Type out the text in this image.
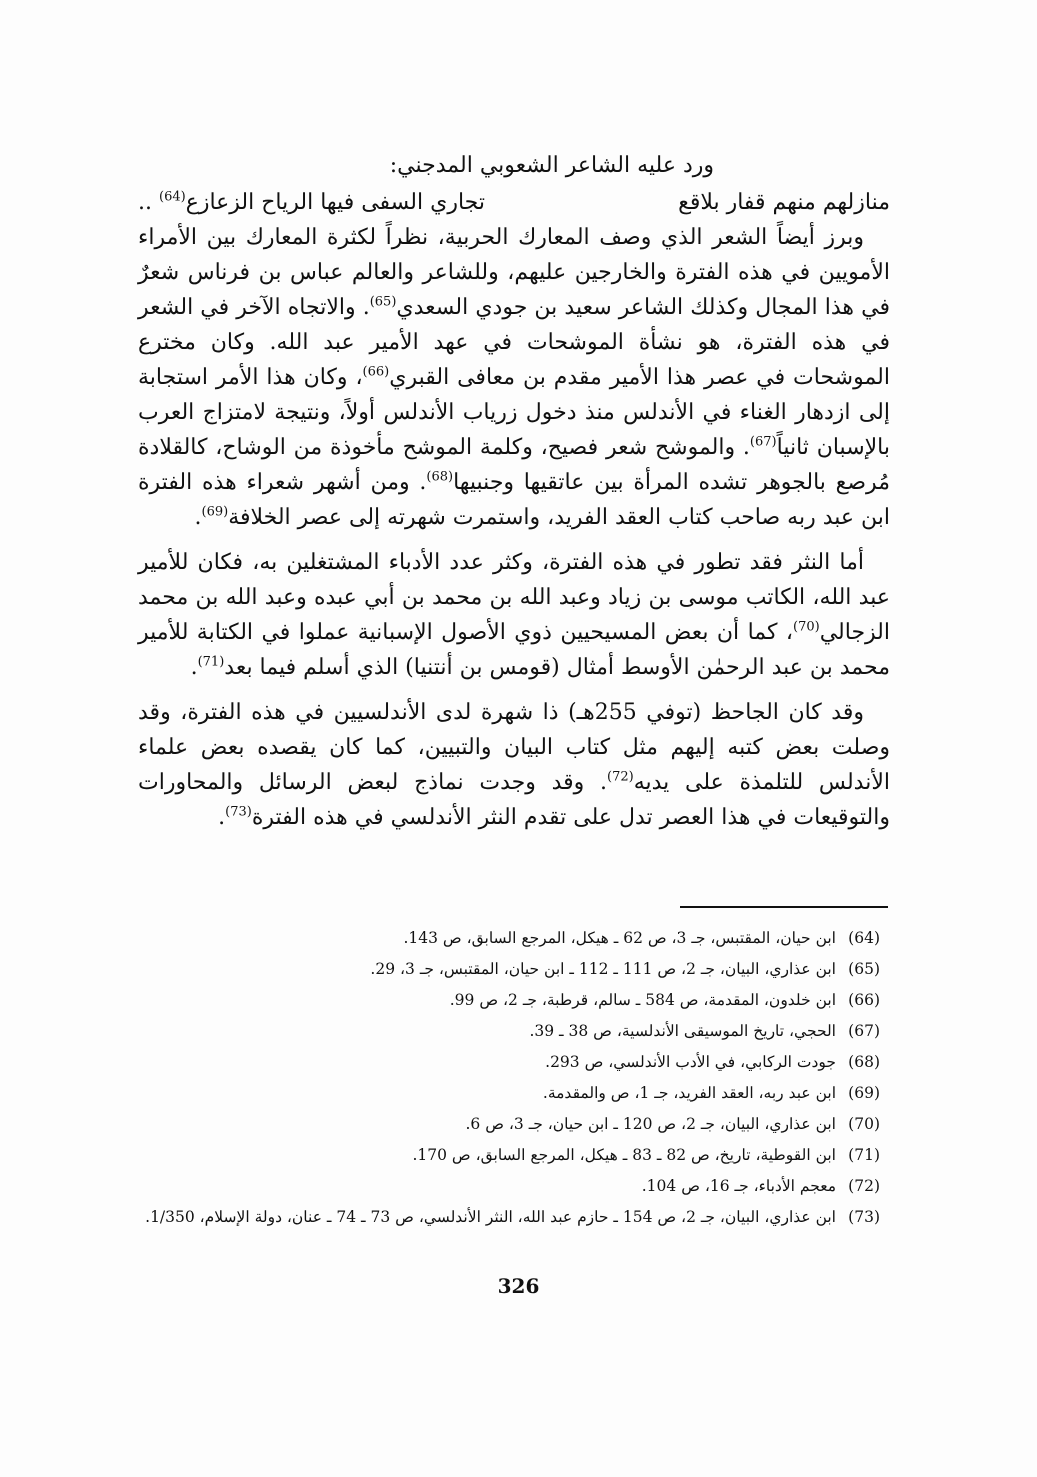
ورد عليه الشاعر الشعوبي المدجني:
منازلهم منهم قفار بلاقع
تجاري السفى فيها الرياح الزعازع$^{(64)}$ ..

وبرز أيضاً الشعر الذي وصف المعارك الحربية، نظراً لكثرة المعارك بين الأمراء الأمويين في هذه الفترة والخارجين عليهم، وللشاعر والعالم عباس بن فرناس شعرٌ في هذا المجال وكذلك الشاعر سعيد بن جودي السعدي$^{(65)}$. والاتجاه الآخر في الشعر في هذه الفترة، هو نشأة الموشحات في عهد الأمير عبد الله. وكان مخترع الموشحات في عصر هذا الأمير مقدم بن معافى القبري$^{(66)}$، وكان هذا الأمر استجابة إلى ازدهار الغناء في الأندلس منذ دخول زرياب الأندلس أولاً، ونتيجة لامتزاج العرب بالإسبان ثانياً$^{(67)}$. والموشح شعر فصيح، وكلمة الموشح مأخوذة من الوشاح، كالقلادة مُرصع بالجوهر تشده المرأة بين عاتقيها وجنبيها$^{(68)}$. ومن أشهر شعراء هذه الفترة ابن عبد ربه صاحب كتاب العقد الفريد، واستمرت شهرته إلى عصر الخلافة$^{(69)}$.

أما النثر فقد تطور في هذه الفترة، وكثر عدد الأدباء المشتغلين به، فكان للأمير عبد الله، الكاتب موسى بن زياد وعبد الله بن محمد بن أبي عبده وعبد الله بن محمد الزجالي$^{(70)}$، كما أن بعض المسيحيين ذوي الأصول الإسبانية عملوا في الكتابة للأمير محمد بن عبد الرحمٰن الأوسط أمثال (قومس بن أنتنيا) الذي أسلم فيما بعد$^{(71)}$.

وقد كان الجاحظ (توفي 255هـ) ذا شهرة لدى الأندلسيين في هذه الفترة، وقد وصلت بعض كتبه إليهم مثل كتاب البيان والتبيين، كما كان يقصده بعض علماء الأندلس للتلمذة على يديه$^{(72)}$. وقد وجدت نماذج لبعض الرسائل والمحاورات والتوقيعات في هذا العصر تدل على تقدم النثر الأندلسي في هذه الفترة$^{(73)}$.

(64)
ابن حيان، المقتبس، جـ 3، ص 62 ـ هيكل، المرجع السابق، ص 143.
(65)
ابن عذاري، البيان، جـ 2، ص 111 ـ 112 ـ ابن حيان، المقتبس، جـ 3، 29.
(66)
ابن خلدون، المقدمة، ص 584 ـ سالم، قرطبة، جـ 2، ص 99.
(67)
الحجي، تاريخ الموسيقى الأندلسية، ص 38 ـ 39.
(68)
جودت الركابي، في الأدب الأندلسي، ص 293.
(69)
ابن عبد ربه، العقد الفريد، جـ 1، ص والمقدمة.
(70)
ابن عذاري، البيان، جـ 2، ص 120 ـ ابن حيان، جـ 3، ص 6.
(71)
ابن القوطية، تاريخ، ص 82 ـ 83 ـ هيكل، المرجع السابق، ص 170.
(72)
معجم الأدباء، جـ 16، ص 104.
(73)
ابن عذاري، البيان، جـ 2، ص 154 ـ حازم عبد الله، النثر الأندلسي، ص 73 ـ 74 ـ عنان، دولة الإسلام، 1/350.
326
